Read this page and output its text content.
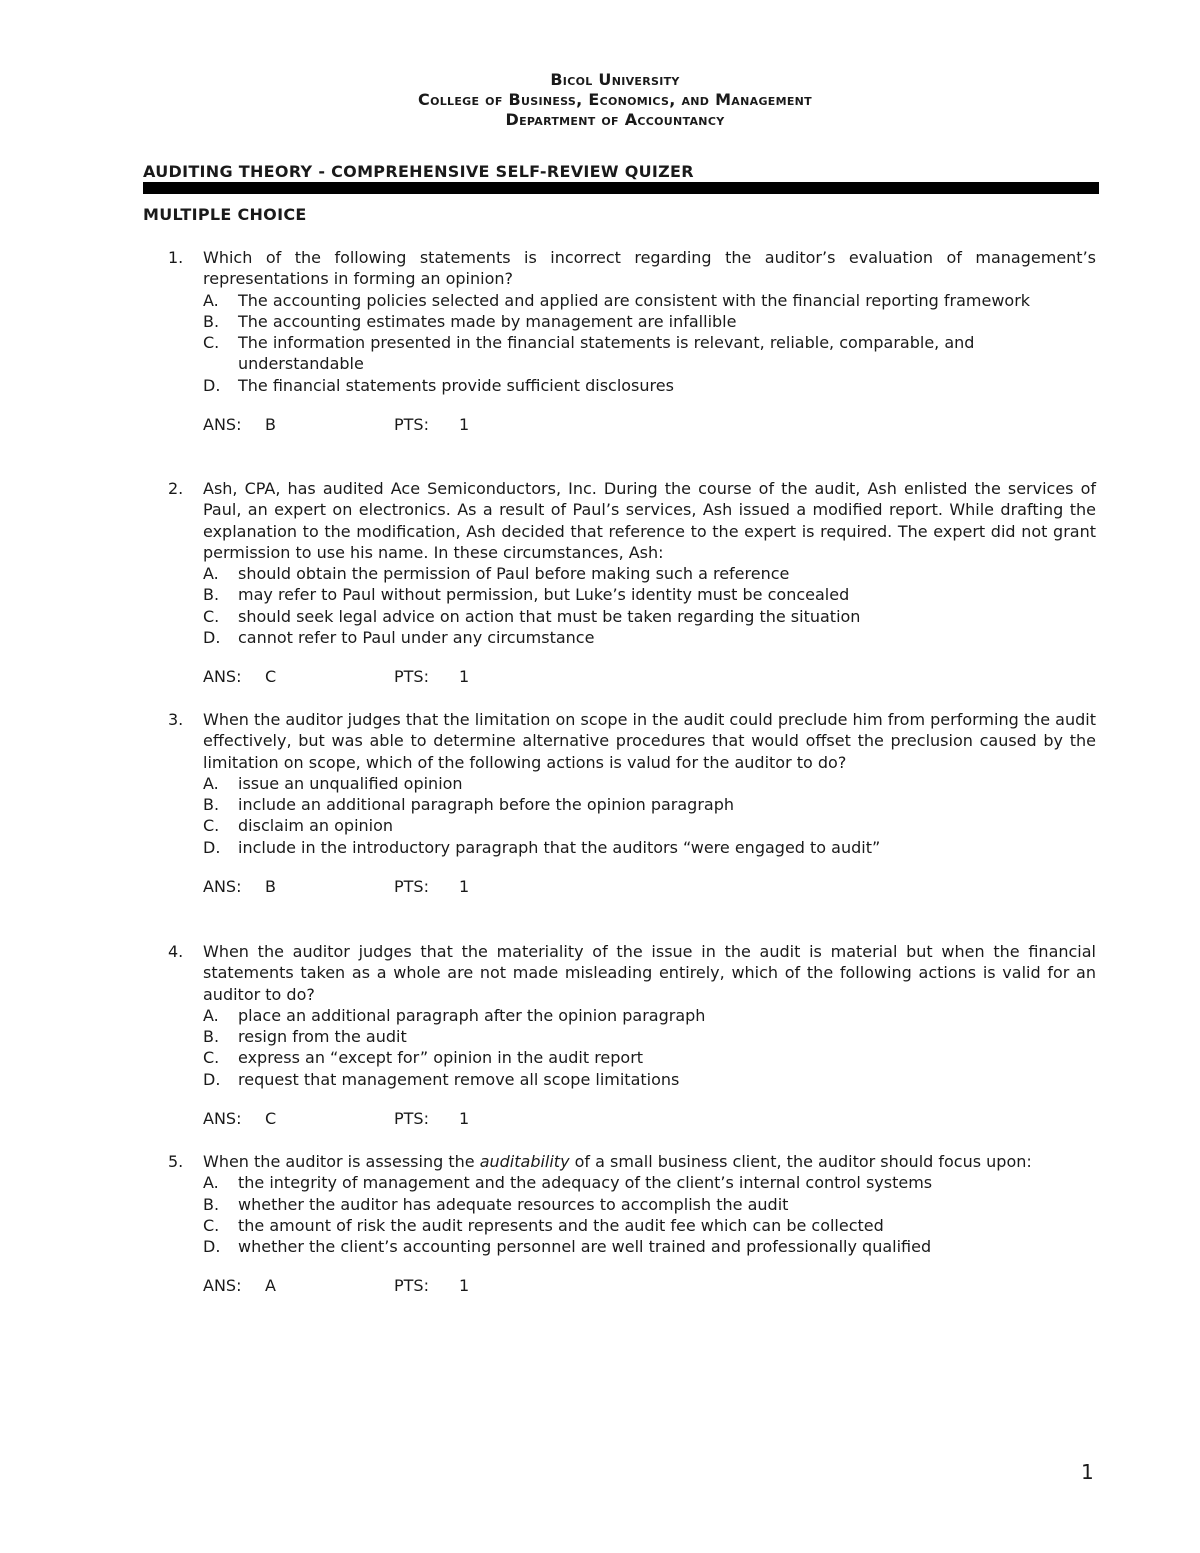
Bicol University
College of Business, Economics, and Management
Department of Accountancy
AUDITING THEORY - COMPREHENSIVE SELF-REVIEW QUIZER
MULTIPLE CHOICE
1.	Which of the following statements is incorrect regarding the auditor’s evaluation of management’s representations in forming an opinion?
A. The accounting policies selected and applied are consistent with the financial reporting framework
B. The accounting estimates made by management are infallible
C. The information presented in the financial statements is relevant, reliable, comparable, and understandable
D. The financial statements provide sufficient disclosures
ANS: B	PTS: 1
2.	Ash, CPA, has audited Ace Semiconductors, Inc. During the course of the audit, Ash enlisted the services of Paul, an expert on electronics. As a result of Paul’s services, Ash issued a modified report. While drafting the explanation to the modification, Ash decided that reference to the expert is required. The expert did not grant permission to use his name. In these circumstances, Ash:
A. should obtain the permission of Paul before making such a reference
B. may refer to Paul without permission, but Luke’s identity must be concealed
C. should seek legal advice on action that must be taken regarding the situation
D. cannot refer to Paul under any circumstance
ANS: C	PTS: 1
3.	When the auditor judges that the limitation on scope in the audit could preclude him from performing the audit effectively, but was able to determine alternative procedures that would offset the preclusion caused by the limitation on scope, which of the following actions is valud for the auditor to do?
A. issue an unqualified opinion
B. include an additional paragraph before the opinion paragraph
C. disclaim an opinion
D. include in the introductory paragraph that the auditors “were engaged to audit”
ANS: B	PTS: 1
4.	When the auditor judges that the materiality of the issue in the audit is material but when the financial statements taken as a whole are not made misleading entirely, which of the following actions is valid for an auditor to do?
A. place an additional paragraph after the opinion paragraph
B. resign from the audit
C. express an “except for” opinion in the audit report
D. request that management remove all scope limitations
ANS: C	PTS: 1
5.	When the auditor is assessing the auditability of a small business client, the auditor should focus upon:
A. the integrity of management and the adequacy of the client’s internal control systems
B. whether the auditor has adequate resources to accomplish the audit
C. the amount of risk the audit represents and the audit fee which can be collected
D. whether the client’s accounting personnel are well trained and professionally qualified
ANS: A	PTS: 1
1
